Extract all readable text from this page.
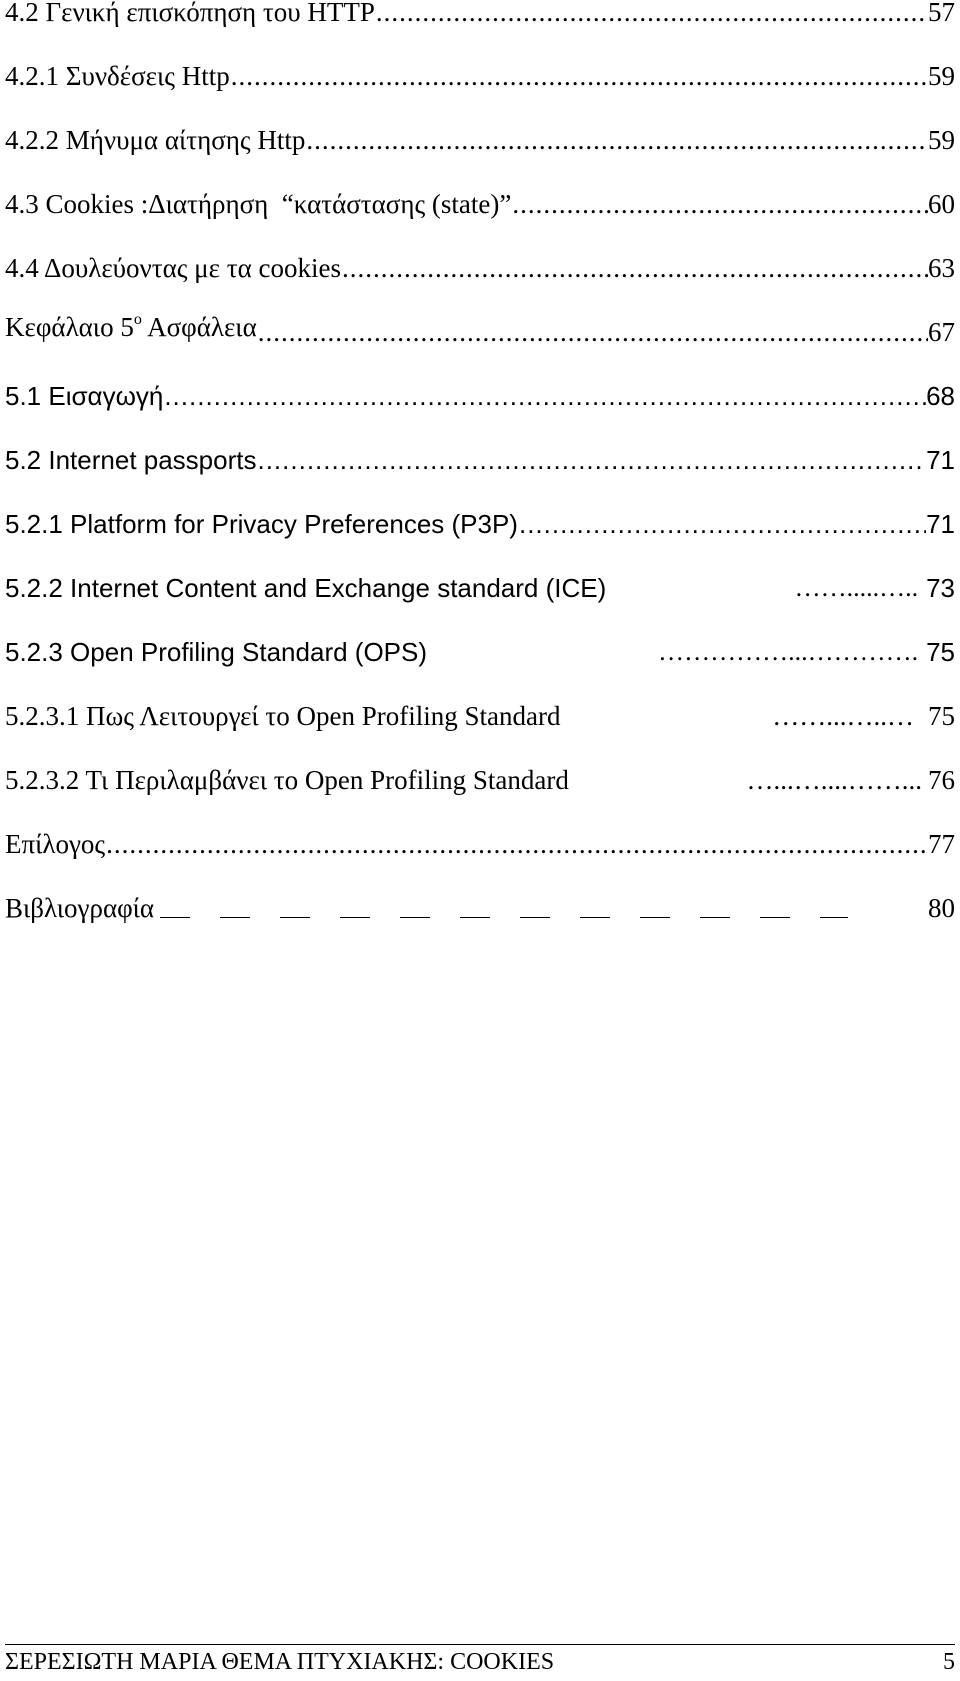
4.2 Γενική επισκόπηση του HTTP .....	57
4.2.1 Συνδέσεις Http .....	59
4.2.2 Μήνυμα αίτησης Http .....	59
4.3 Cookies :Διατήρηση  “κατάστασης (state)” .....	60
4.4 Δουλεύοντας με τα cookies .....	63
Κεφάλαιο $5^o$ Ασφάλεια .....	67
5.1 Εισαγωγή .....	68
5.2 Internet passports .....	71
5.2.1 Platform for Privacy Preferences (P3P) .....	71
5.2.2 Internet Content and Exchange standard (ICE)	…….....….. 73
5.2.3 Open Profiling Standard (OPS)	……………...…………. 75
5.2.3.1 Πως Λειτουργεί το Open Profiling Standard	……...…..… 75
5.2.3.2 Τι Περιλαμβάνει το Open Profiling Standard	…...…....……... 76
Επίλογος .....	77
Βιβλιογραφία	80
ΣΕΡΕΣΙΩΤΗ ΜΑΡΙΑ ΘΕΜΑ ΠΤΥΧΙΑΚΗΣ: COOKIES	5
